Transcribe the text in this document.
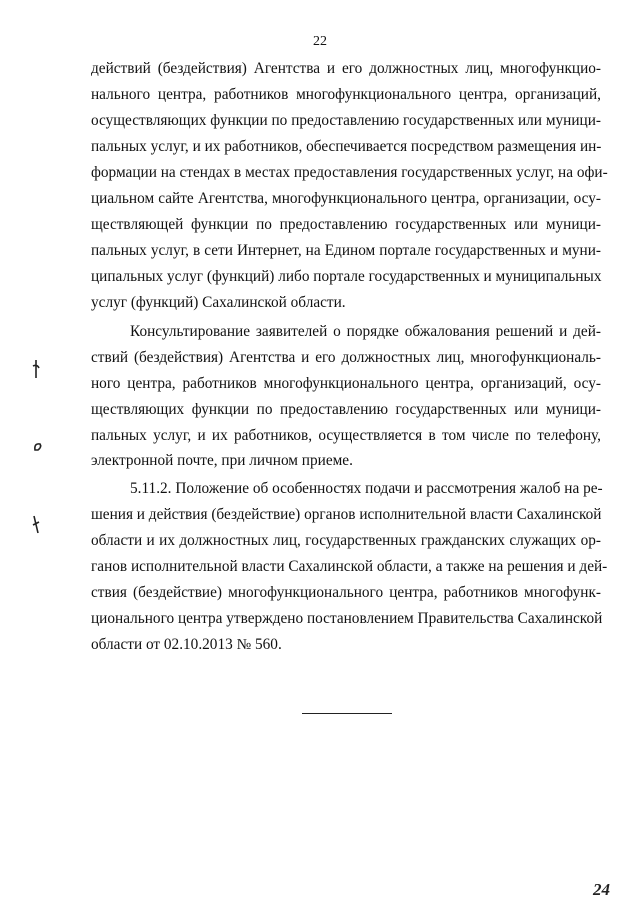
22
действий (бездействия) Агентства и его должностных лиц, многофункцио-
нального центра, работников многофункционального центра, организаций,
осуществляющих функции по предоставлению государственных или муници-
пальных услуг, и их работников, обеспечивается посредством размещения ин-
формации на стендах в местах предоставления государственных услуг, на офи-
циальном сайте Агентства, многофункционального центра, организации, осу-
ществляющей функции по предоставлению государственных или муници-
пальных услуг, в сети Интернет, на Едином портале государственных и муни-
ципальных услуг (функций) либо портале государственных и муниципальных
услуг (функций) Сахалинской области.
Консультирование заявителей о порядке обжалования решений и дей-
ствий (бездействия) Агентства и его должностных лиц, многофункциональ-
ного центра, работников многофункционального центра, организаций, осу-
ществляющих функции по предоставлению государственных или муници-
пальных услуг, и их работников, осуществляется в том числе по телефону,
электронной почте, при личном приеме.
5.11.2. Положение об особенностях подачи и рассмотрения жалоб на ре-
шения и действия (бездействие) органов исполнительной власти Сахалинской
области и их должностных лиц, государственных гражданских служащих ор-
ганов исполнительной власти Сахалинской области, а также на решения и дей-
ствия (бездействие) многофункционального центра, работников многофунк-
ционального центра утверждено постановлением Правительства Сахалинской
области от 02.10.2013 № 560.
24
